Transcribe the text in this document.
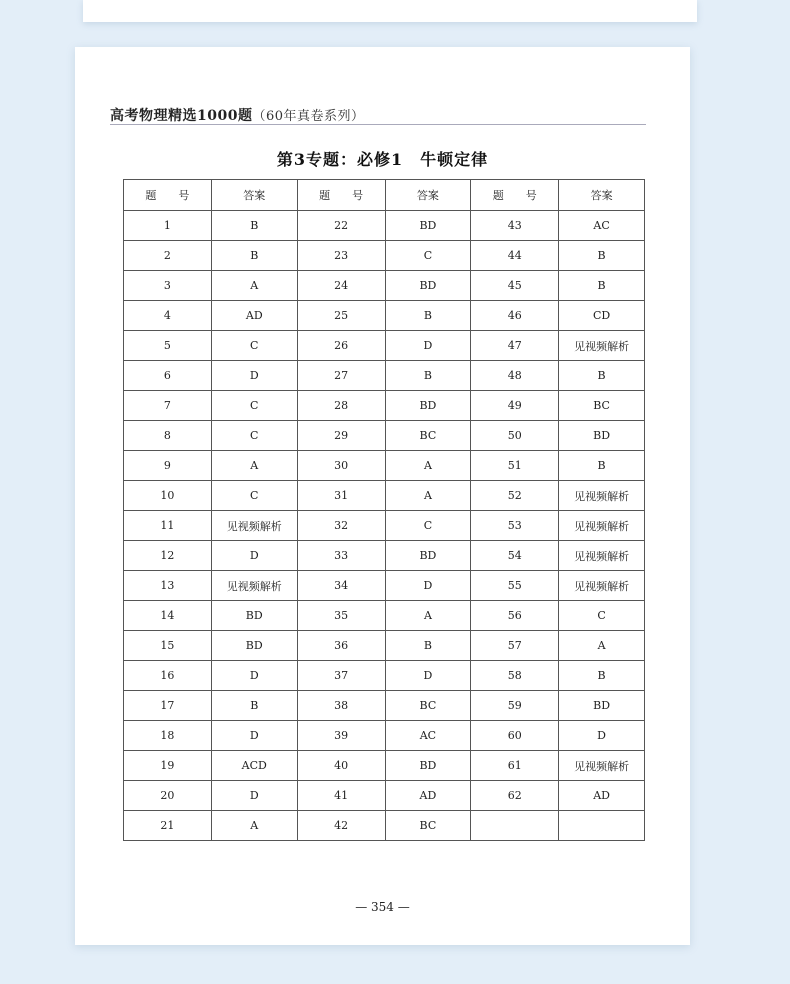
高考物理精选1000题（60年真卷系列）
第3专题：必修1　牛顿定律
题　　号	答案	题　　号	答案	题　　号	答案
1	B	22	BD	43	AC
2	B	23	C	44	B
3	A	24	BD	45	B
4	AD	25	B	46	CD
5	C	26	D	47	见视频解析
6	D	27	B	48	B
7	C	28	BD	49	BC
8	C	29	BC	50	BD
9	A	30	A	51	B
10	C	31	A	52	见视频解析
11	见视频解析	32	C	53	见视频解析
12	D	33	BD	54	见视频解析
13	见视频解析	34	D	55	见视频解析
14	BD	35	A	56	C
15	BD	36	B	57	A
16	D	37	D	58	B
17	B	38	BC	59	BD
18	D	39	AC	60	D
19	ACD	40	BD	61	见视频解析
20	D	41	AD	62	AD
21	A	42	BC		
— 354 —
